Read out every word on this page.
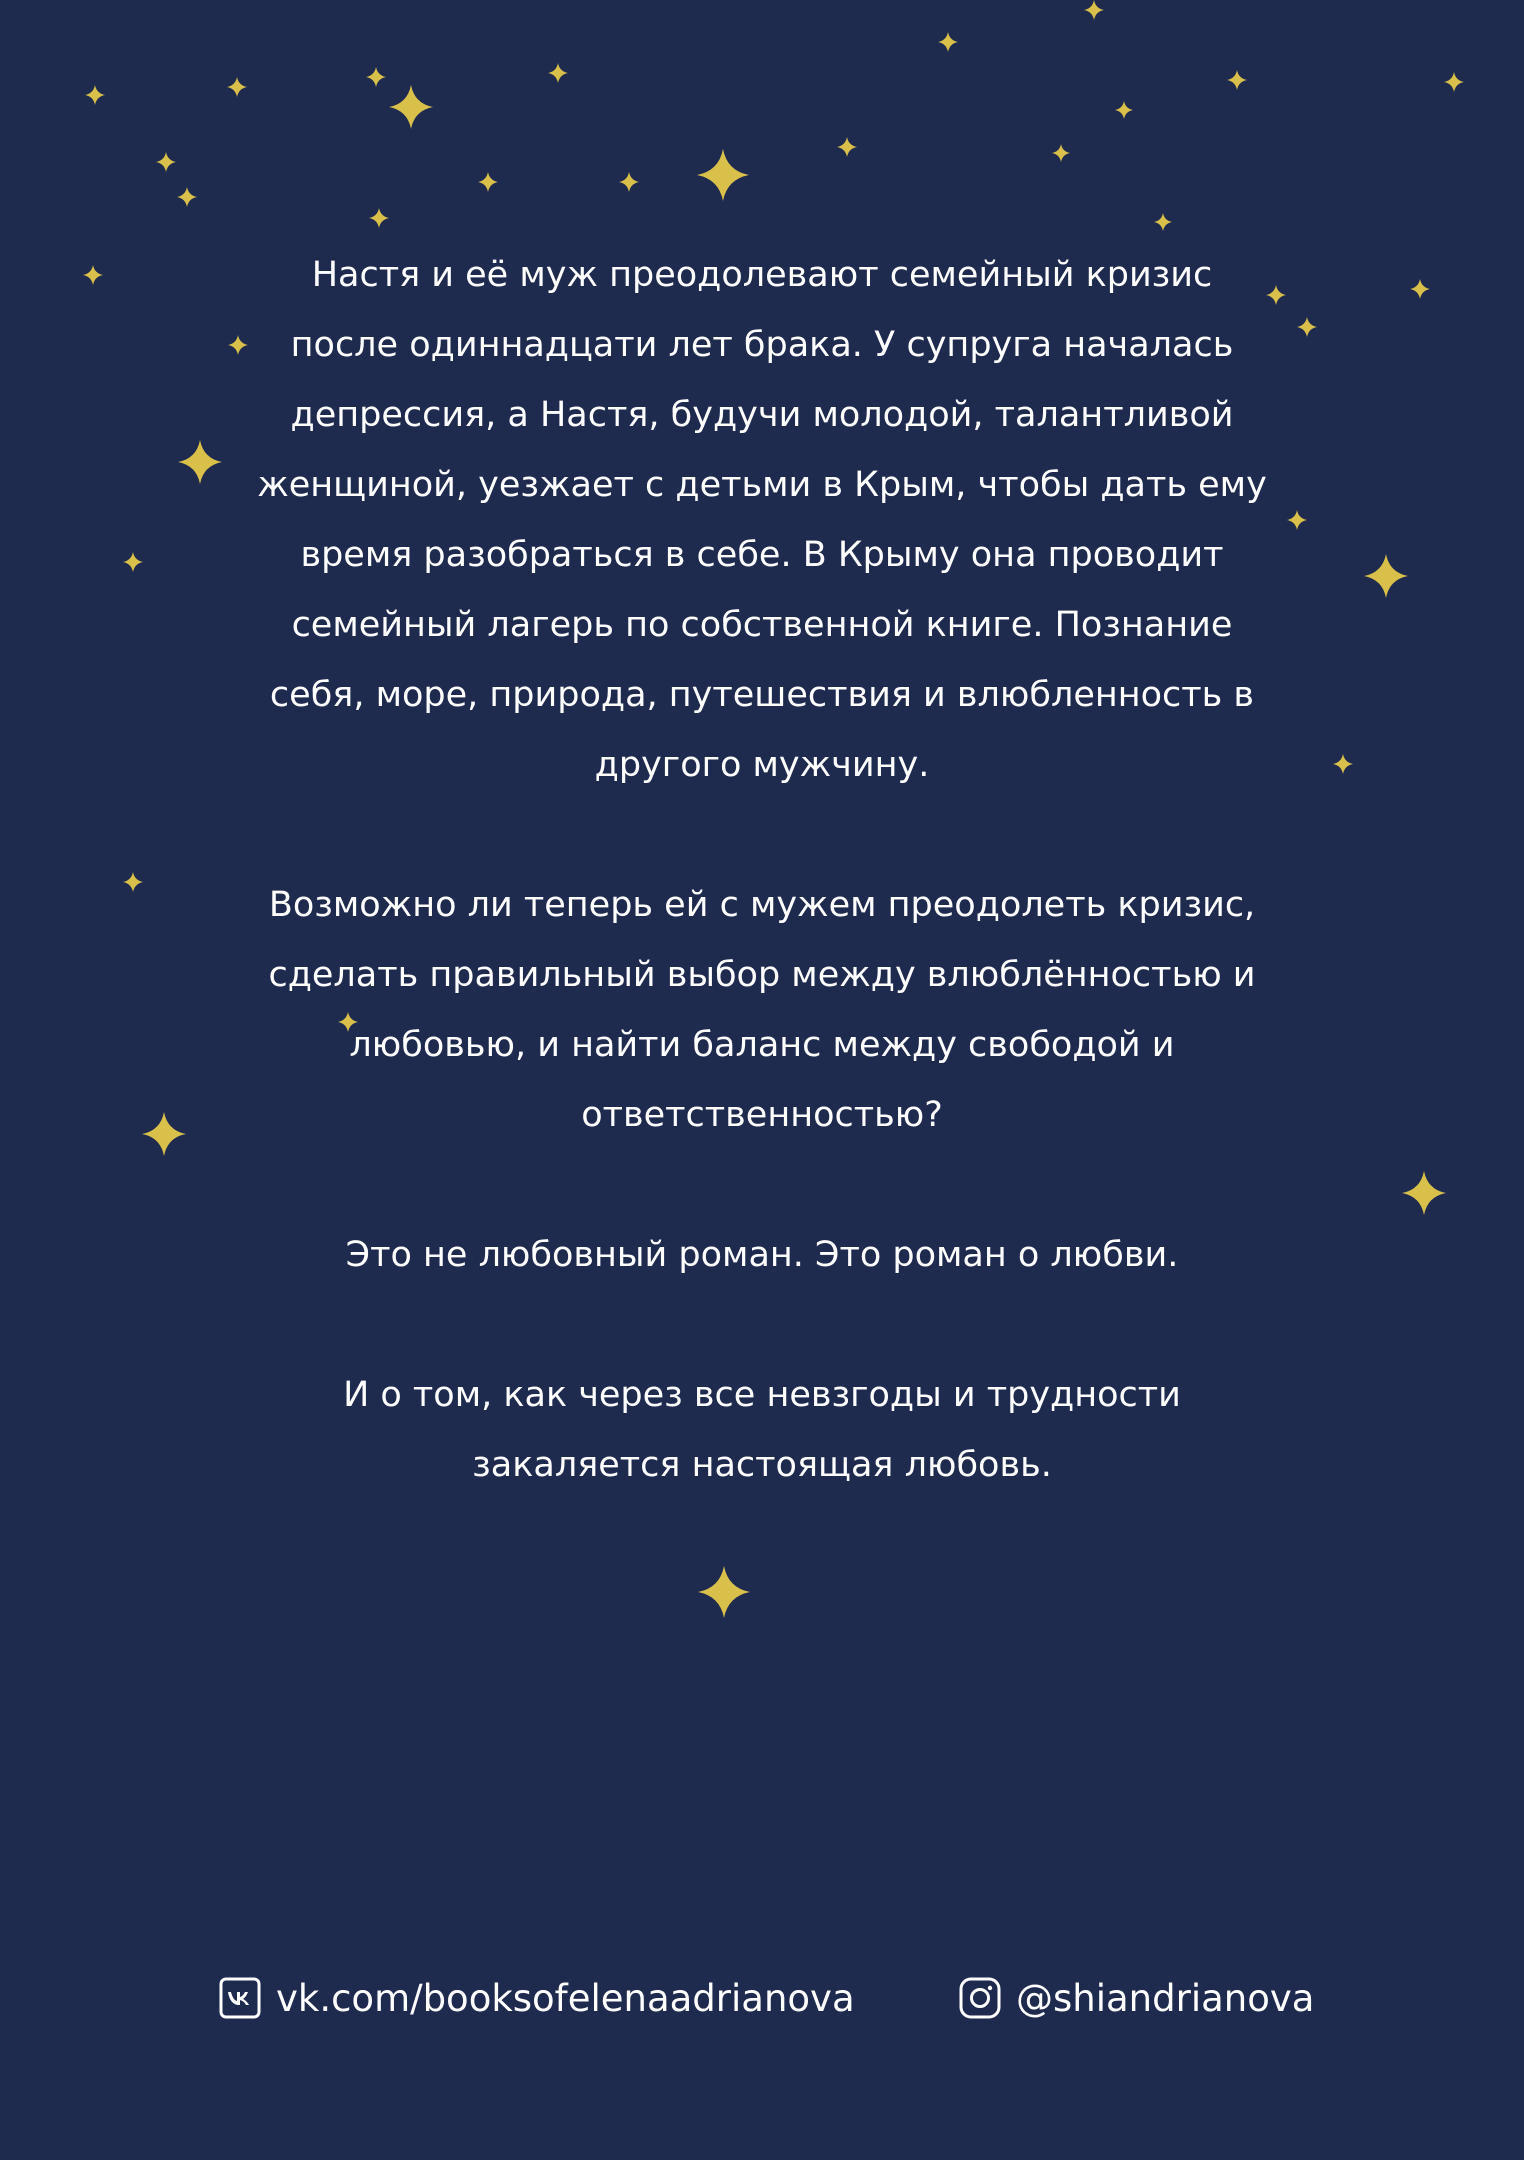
Настя и её муж преодолевают семейный кризис
после одиннадцати лет брака. У супруга началась
депрессия, а Настя, будучи молодой, талантливой
женщиной, уезжает с детьми в Крым, чтобы дать ему
время разобраться в себе. В Крыму она проводит
семейный лагерь по собственной книге. Познание
себя, море, природа, путешествия и влюбленность в
другого мужчину.

Возможно ли теперь ей с мужем преодолеть кризис,
сделать правильный выбор между влюблённостью и
любовью, и найти баланс между свободой и
ответственностью?

Это не любовный роман. Это роман о любви.

И о том, как через все невзгоды и трудности
закаляется настоящая любовь.

vk.com/booksofelenaadrianova	@shiandrianova
